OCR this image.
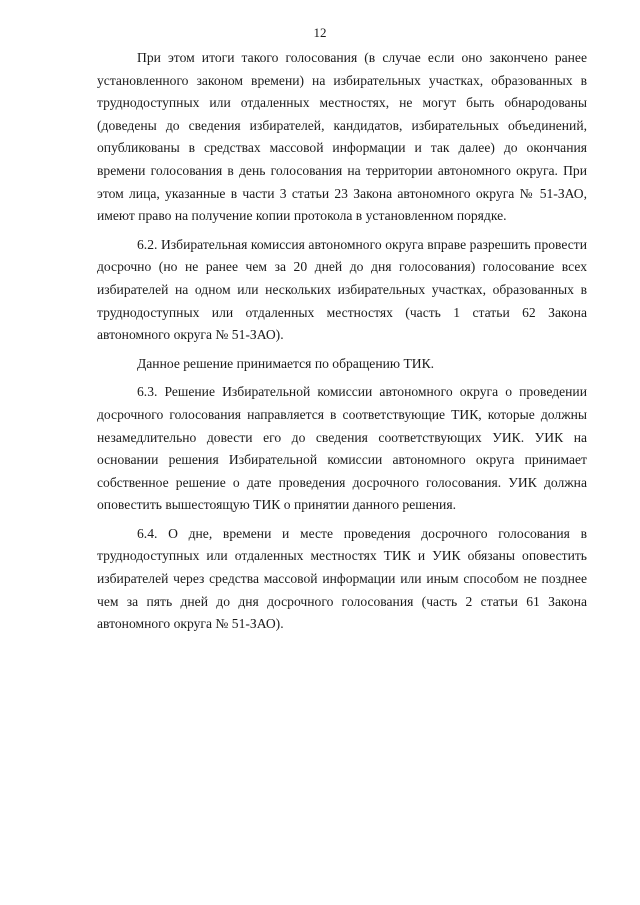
12

При этом итоги такого голосования (в случае если оно закончено ранее установленного законом времени) на избирательных участках, образованных в труднодоступных или отдаленных местностях, не могут быть обнародованы (доведены до сведения избирателей, кандидатов, избирательных объединений, опубликованы в средствах массовой информации и так далее) до окончания времени голосования в день голосования на территории автономного округа. При этом лица, указанные в части 3 статьи 23 Закона автономного округа № 51-ЗАО, имеют право на получение копии протокола в установленном порядке.

6.2. Избирательная комиссия автономного округа вправе разрешить провести досрочно (но не ранее чем за 20 дней до дня голосования) голосование всех избирателей на одном или нескольких избирательных участках, образованных в труднодоступных или отдаленных местностях (часть 1 статьи 62 Закона автономного округа № 51-ЗАО).

Данное решение принимается по обращению ТИК.

6.3. Решение Избирательной комиссии автономного округа о проведении досрочного голосования направляется в соответствующие ТИК, которые должны незамедлительно довести его до сведения соответствующих УИК. УИК на основании решения Избирательной комиссии автономного округа принимает собственное решение о дате проведения досрочного голосования. УИК должна оповестить вышестоящую ТИК о принятии данного решения.

6.4. О дне, времени и месте проведения досрочного голосования в труднодоступных или отдаленных местностях ТИК и УИК обязаны оповестить избирателей через средства массовой информации или иным способом не позднее чем за пять дней до дня досрочного голосования (часть 2 статьи 61 Закона автономного округа № 51-ЗАО).
